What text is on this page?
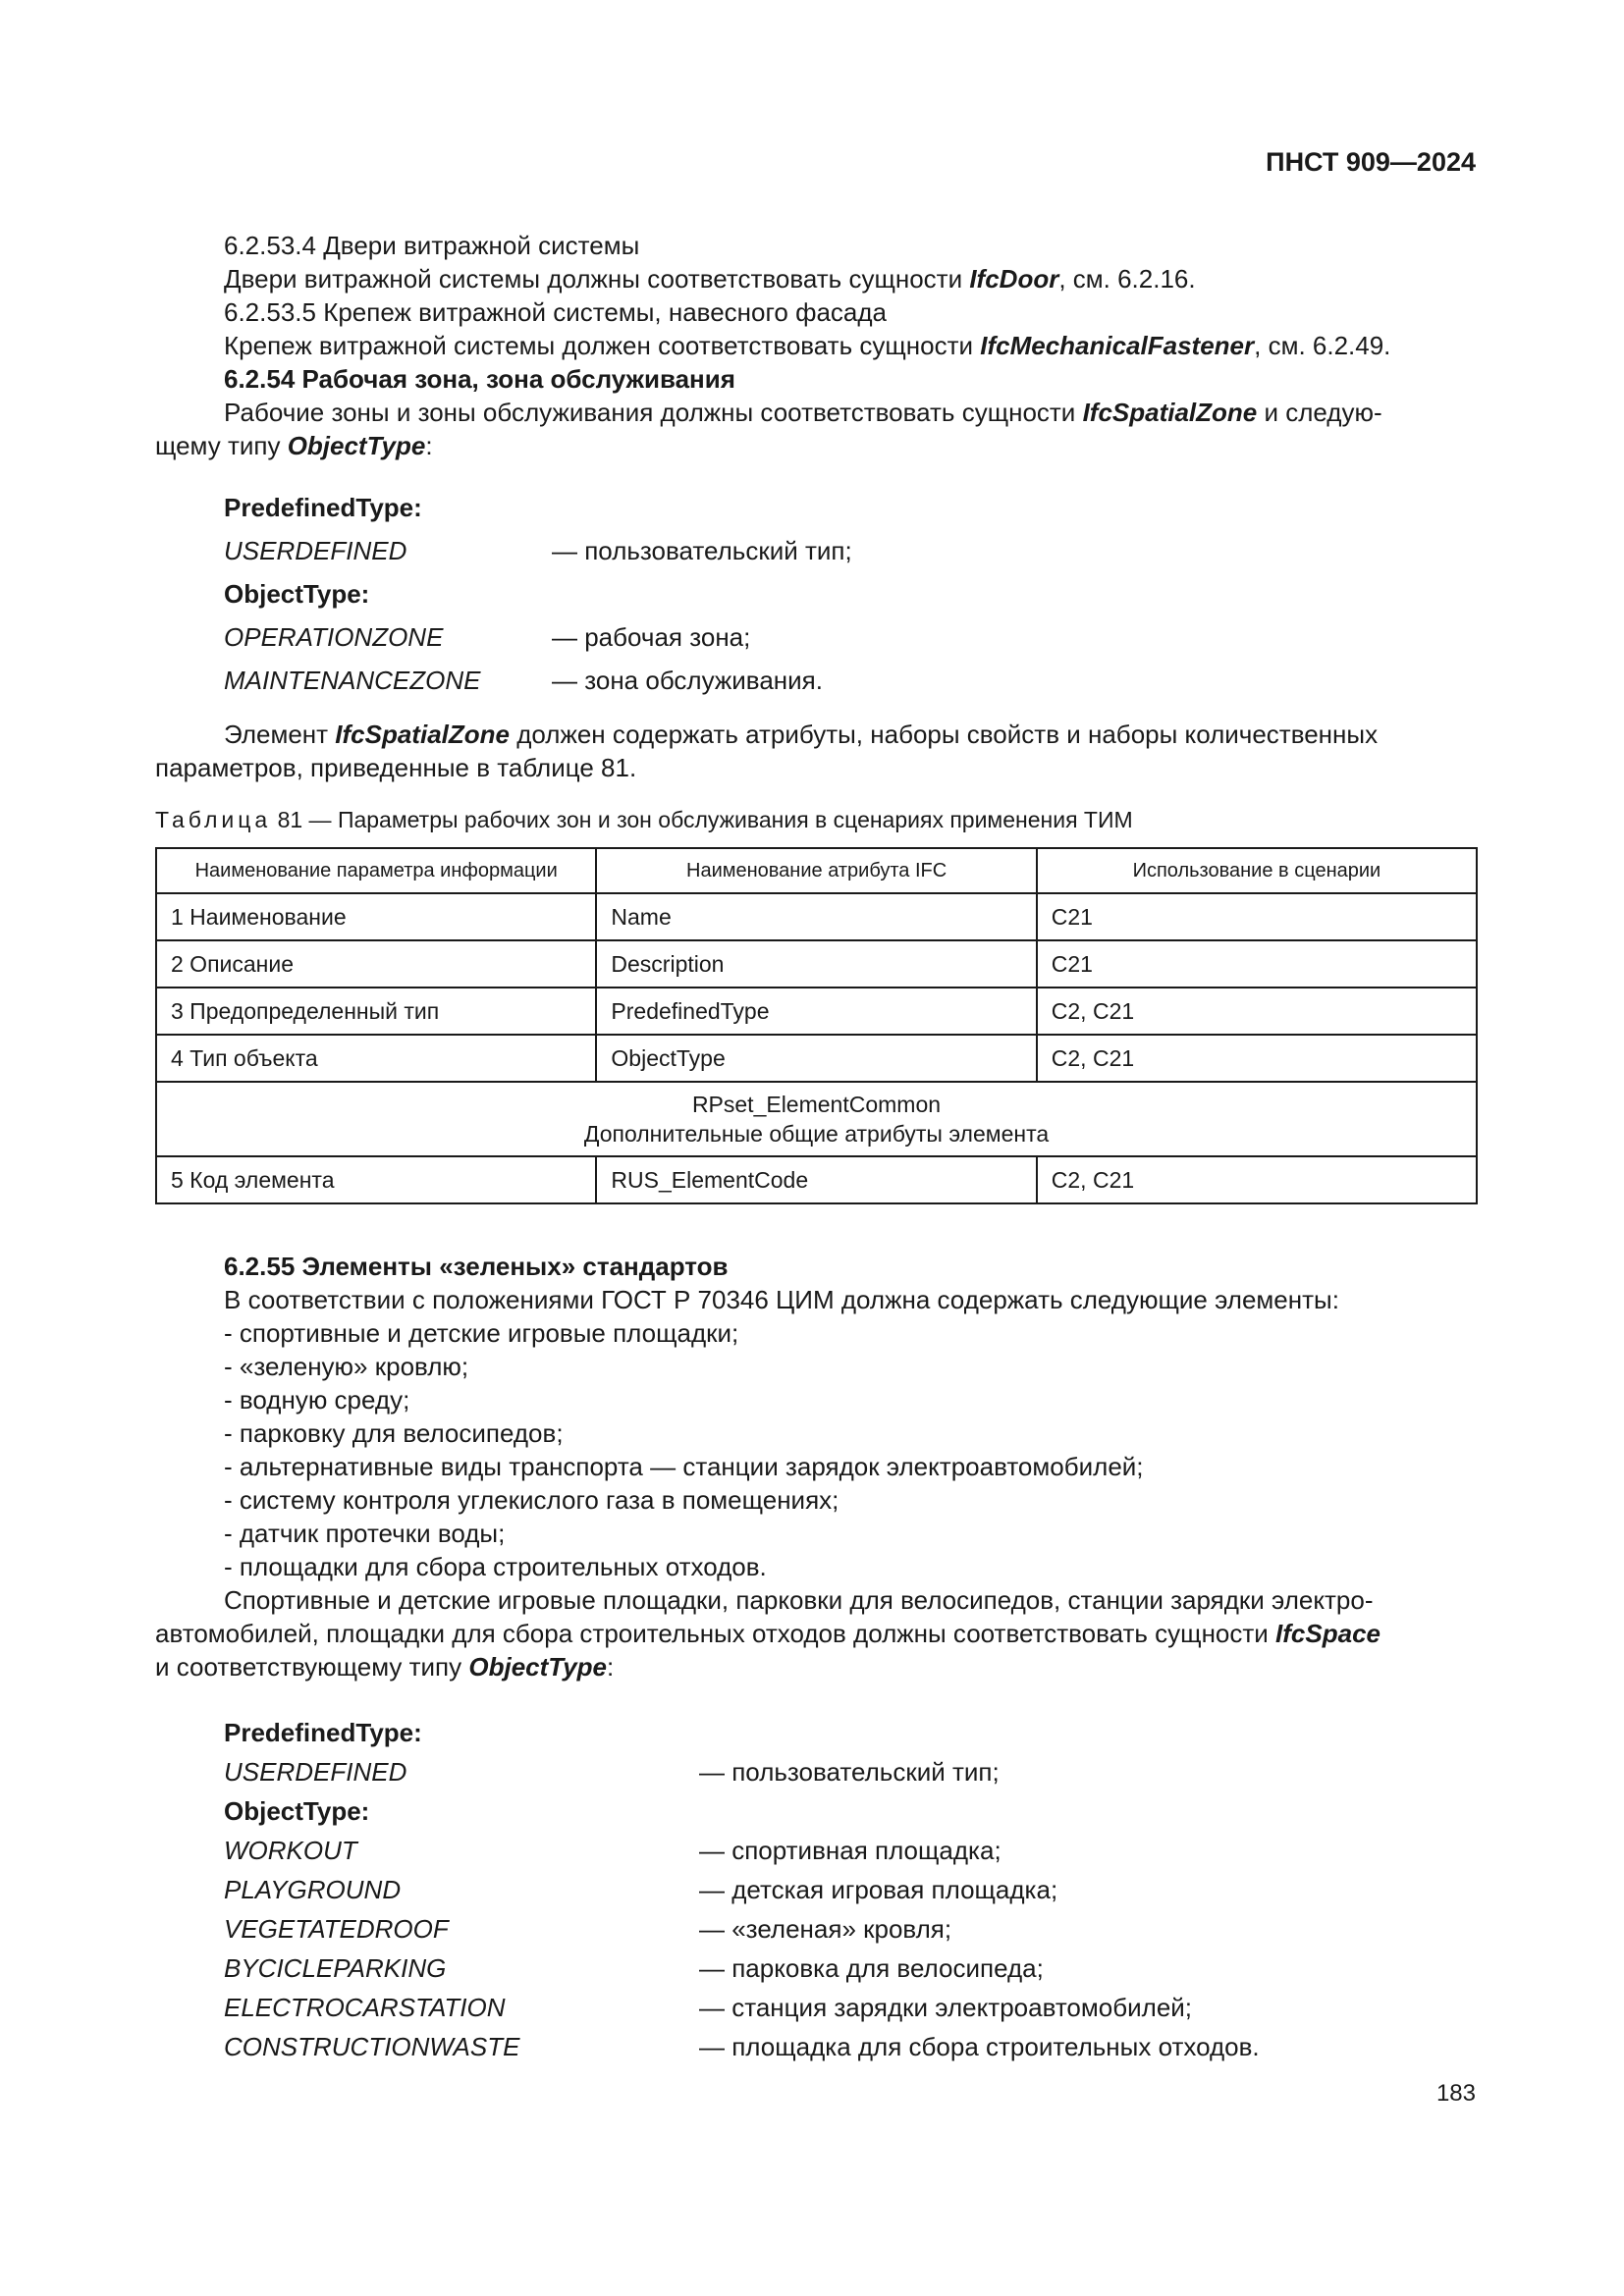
ПНСТ 909—2024
6.2.53.4 Двери витражной системы
Двери витражной системы должны соответствовать сущности IfcDoor, см. 6.2.16.
6.2.53.5 Крепеж витражной системы, навесного фасада
Крепеж витражной системы должен соответствовать сущности IfcMechanicalFastener, см. 6.2.49.
6.2.54 Рабочая зона, зона обслуживания
Рабочие зоны и зоны обслуживания должны соответствовать сущности IfcSpatialZone и следую-
щему типу ObjectType:
PredefinedType:
USERDEFINED	— пользовательский тип;
ObjectType:
OPERATIONZONE	— рабочая зона;
MAINTENANCEZONE	— зона обслуживания.
Элемент IfcSpatialZone должен содержать атрибуты, наборы свойств и наборы количественных
параметров, приведенные в таблице 81.
Таблица 81 — Параметры рабочих зон и зон обслуживания в сценариях применения ТИМ
Наименование параметра информации	Наименование атрибута IFC	Использование в сценарии
1 Наименование	Name	C21
2 Описание	Description	C21
3 Предопределенный тип	PredefinedType	C2, C21
4 Тип объекта	ObjectType	C2, C21

RPset_ElementCommon
Дополнительные общие атрибуты элемента		

5 Код элемента	RUS_ElementCode	C2, C21
6.2.55 Элементы «зеленых» стандартов
В соответствии с положениями ГОСТ Р 70346 ЦИМ должна содержать следующие элементы:
- спортивные и детские игровые площадки;
- «зеленую» кровлю;
- водную среду;
- парковку для велосипедов;
- альтернативные виды транспорта — станции зарядок электроавтомобилей;
- систему контроля углекислого газа в помещениях;
- датчик протечки воды;
- площадки для сбора строительных отходов.
Спортивные и детские игровые площадки, парковки для велосипедов, станции зарядки электро-
автомобилей, площадки для сбора строительных отходов должны соответствовать сущности IfcSpace
и соответствующему типу ObjectType:
PredefinedType:
USERDEFINED	— пользовательский тип;
ObjectType:
WORKOUT	— спортивная площадка;
PLAYGROUND	— детская игровая площадка;
VEGETATEDROOF	— «зеленая» кровля;
BYCICLEPARKING	— парковка для велосипеда;
ELECTROCARSTATION	— станция зарядки электроавтомобилей;
CONSTRUCTIONWASTE	— площадка для сбора строительных отходов.
183
